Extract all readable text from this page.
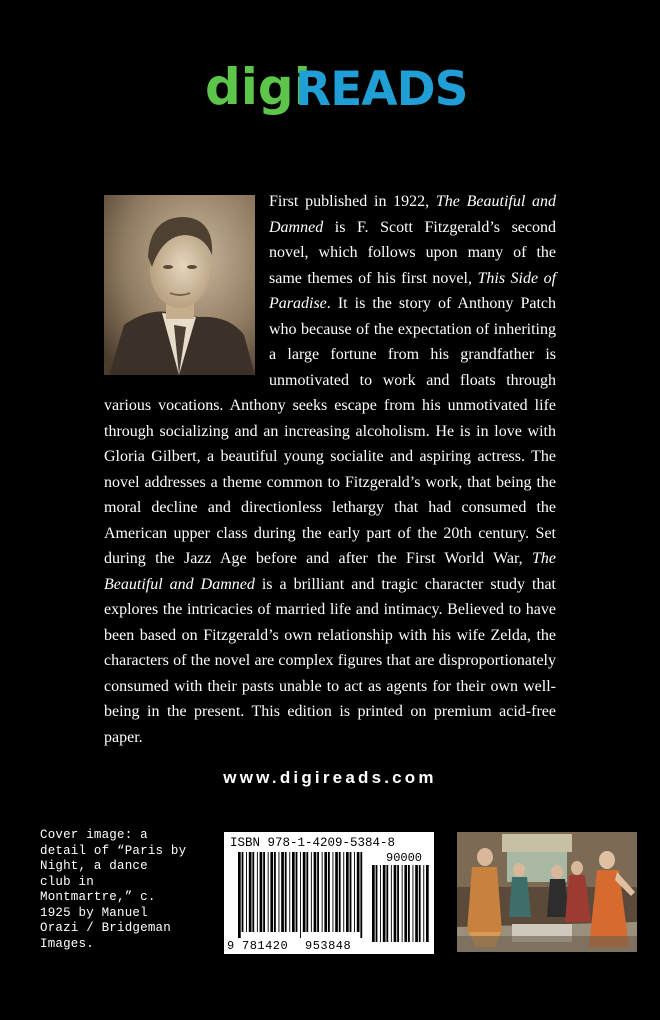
digi
READS

First published in 1922, The Beautiful and Damned is F. Scott Fitzgerald’s second novel, which follows upon many of the same themes of his first novel, This Side of Paradise. It is the story of Anthony Patch who because of the expectation of inheriting a large fortune from his grandfather is unmotivated to work and floats through various vocations. Anthony seeks escape from his unmotivated life through socializing and an increasing alcoholism. He is in love with Gloria Gilbert, a beautiful young socialite and aspiring actress. The novel addresses a theme common to Fitzgerald’s work, that being the moral decline and directionless lethargy that had consumed the American upper class during the early part of the 20th century. Set during the Jazz Age before and after the First World War, The Beautiful and Damned is a brilliant and tragic character study that explores the intricacies of married life and intimacy. Believed to have been based on Fitzgerald’s own relationship with his wife Zelda, the characters of the novel are complex figures that are disproportionately consumed with their pasts unable to act as agents for their own well-being in the present. This edition is printed on premium acid-free paper.

www.digireads.com

Cover image: a
detail of “Paris by
Night, a dance
club in
Montmartre,” c.
1925 by Manuel
Orazi / Bridgeman
Images.

ISBN 978-1-4209-5384-8
90000
9 781420 953848
